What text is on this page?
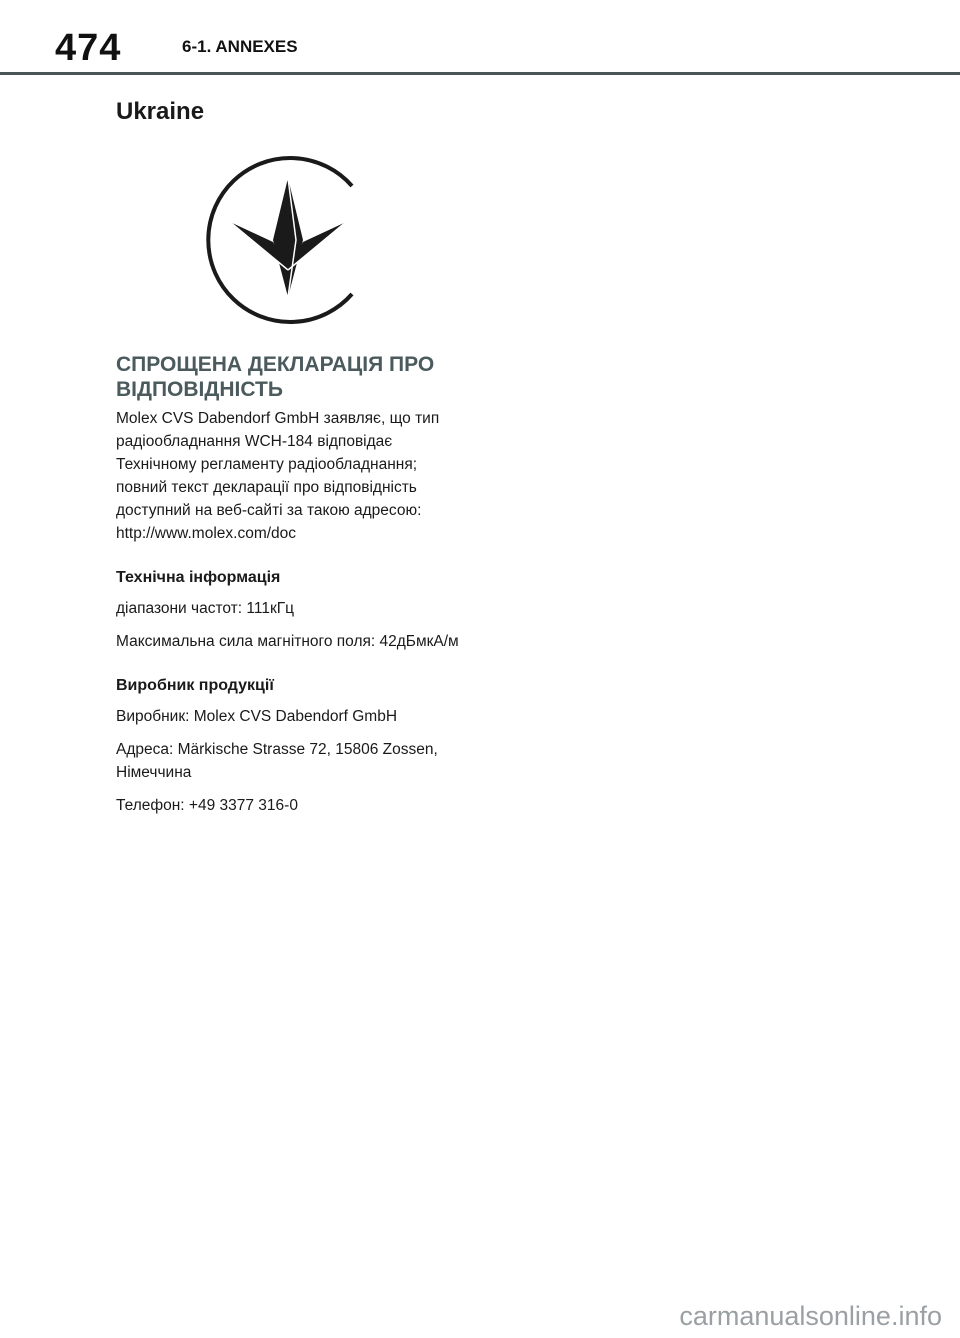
474	6-1. ANNEXES
Ukraine
СПРОЩЕНА ДЕКЛАРАЦІЯ ПРО ВІДПОВІДНІСТЬ

Molex CVS Dabendorf GmbH заявляє, що тип радіообладнання WCH-184 відповідає Технічному регламенту радіообладнання; повний текст декларації про відповідність доступний на веб-сайті за такою адресою: http://www.molex.com/doc

Технічна інформація

діапазони частот: 111кГц

Максимальна сила магнітного поля: 42дБмкА/м

Виробник продукції

Виробник: Molex CVS Dabendorf GmbH

Адреса: Märkische Strasse 72, 15806 Zossen, Німеччина

Телефон: +49 3377 316-0

carmanualsonline.info
